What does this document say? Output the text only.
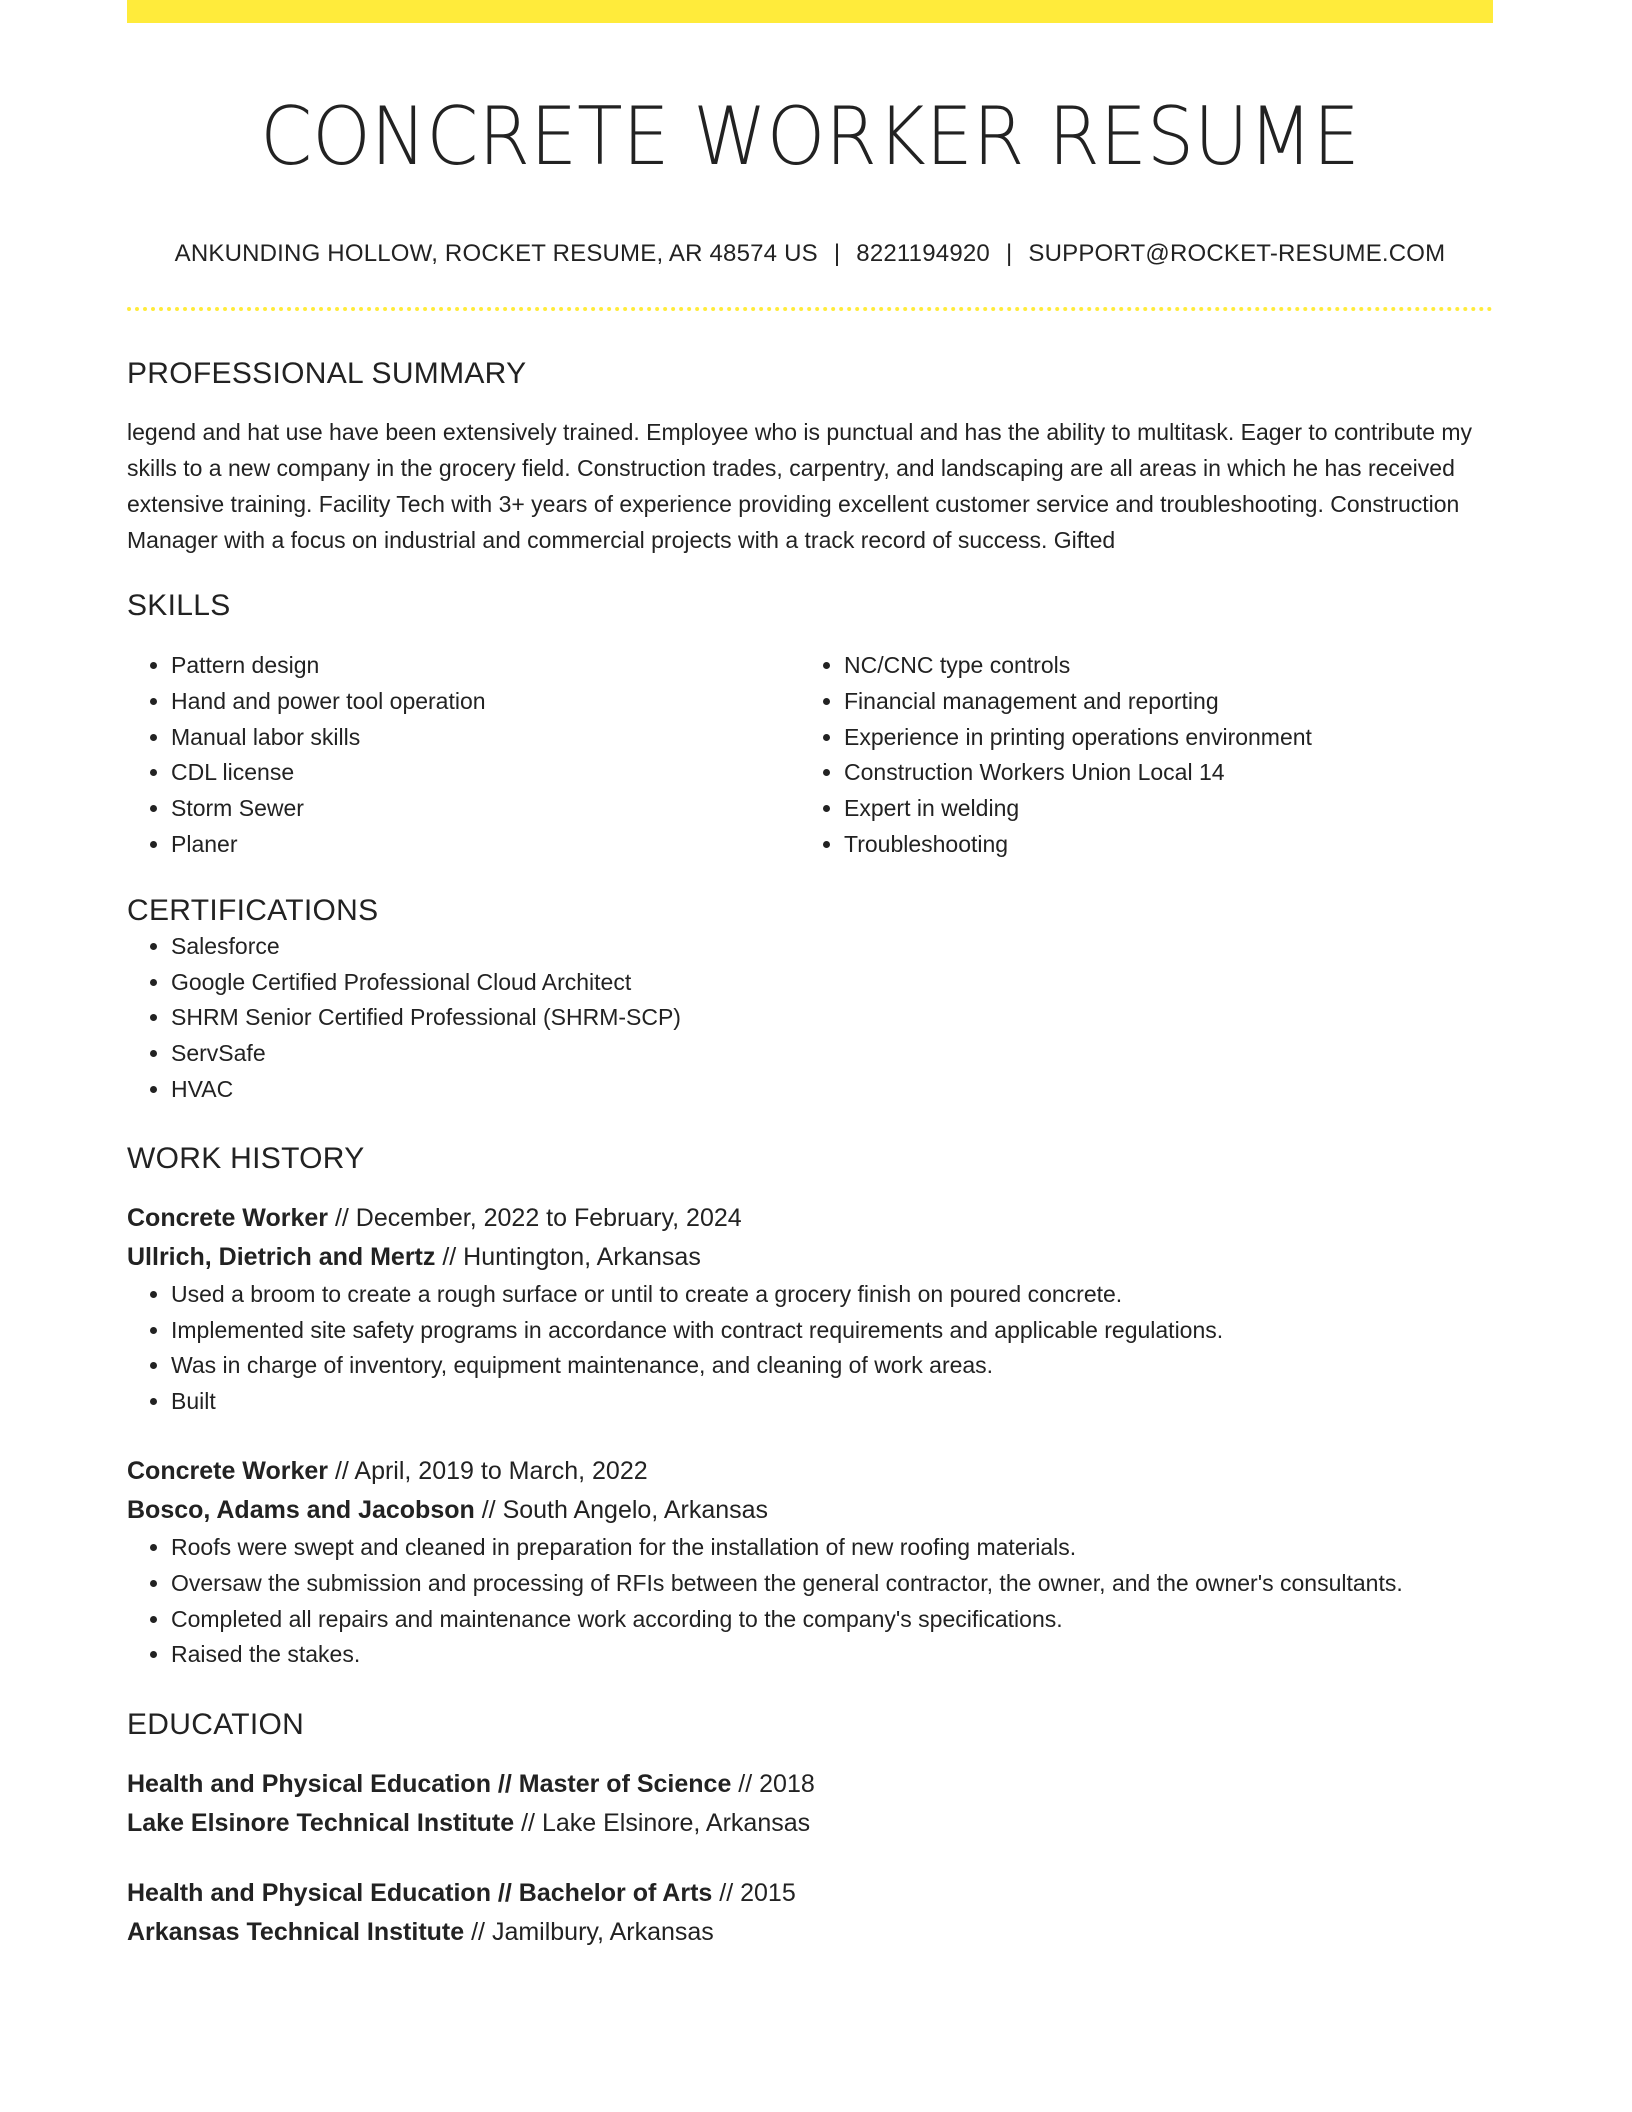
CONCRETE WORKER RESUME
ANKUNDING HOLLOW, ROCKET RESUME, AR 48574 US | 8221194920 | SUPPORT@ROCKET-RESUME.COM
PROFESSIONAL SUMMARY

legend and hat use have been extensively trained. Employee who is punctual and has the ability to multitask. Eager to contribute my skills to a new company in the grocery field. Construction trades, carpentry, and landscaping are all areas in which he has received extensive training. Facility Tech with 3+ years of experience providing excellent customer service and troubleshooting. Construction Manager with a focus on industrial and commercial projects with a track record of success. Gifted

SKILLS
• Pattern design
• Hand and power tool operation
• Manual labor skills
• CDL license
• Storm Sewer
• Planer
• NC/CNC type controls
• Financial management and reporting
• Experience in printing operations environment
• Construction Workers Union Local 14
• Expert in welding
• Troubleshooting
CERTIFICATIONS
• Salesforce
• Google Certified Professional Cloud Architect
• SHRM Senior Certified Professional (SHRM-SCP)
• ServSafe
• HVAC
WORK HISTORY

Concrete Worker // December, 2022 to February, 2024

Ullrich, Dietrich and Mertz // Huntington, Arkansas

• Used a broom to create a rough surface or until to create a grocery finish on poured concrete.
• Implemented site safety programs in accordance with contract requirements and applicable regulations.
• Was in charge of inventory, equipment maintenance, and cleaning of work areas.
• Built

Concrete Worker // April, 2019 to March, 2022

Bosco, Adams and Jacobson // South Angelo, Arkansas

• Roofs were swept and cleaned in preparation for the installation of new roofing materials.
• Oversaw the submission and processing of RFIs between the general contractor, the owner, and the owner's consultants.
• Completed all repairs and maintenance work according to the company's specifications.
• Raised the stakes.
EDUCATION

Health and Physical Education // Master of Science // 2018

Lake Elsinore Technical Institute // Lake Elsinore, Arkansas

Health and Physical Education // Bachelor of Arts // 2015

Arkansas Technical Institute // Jamilbury, Arkansas
